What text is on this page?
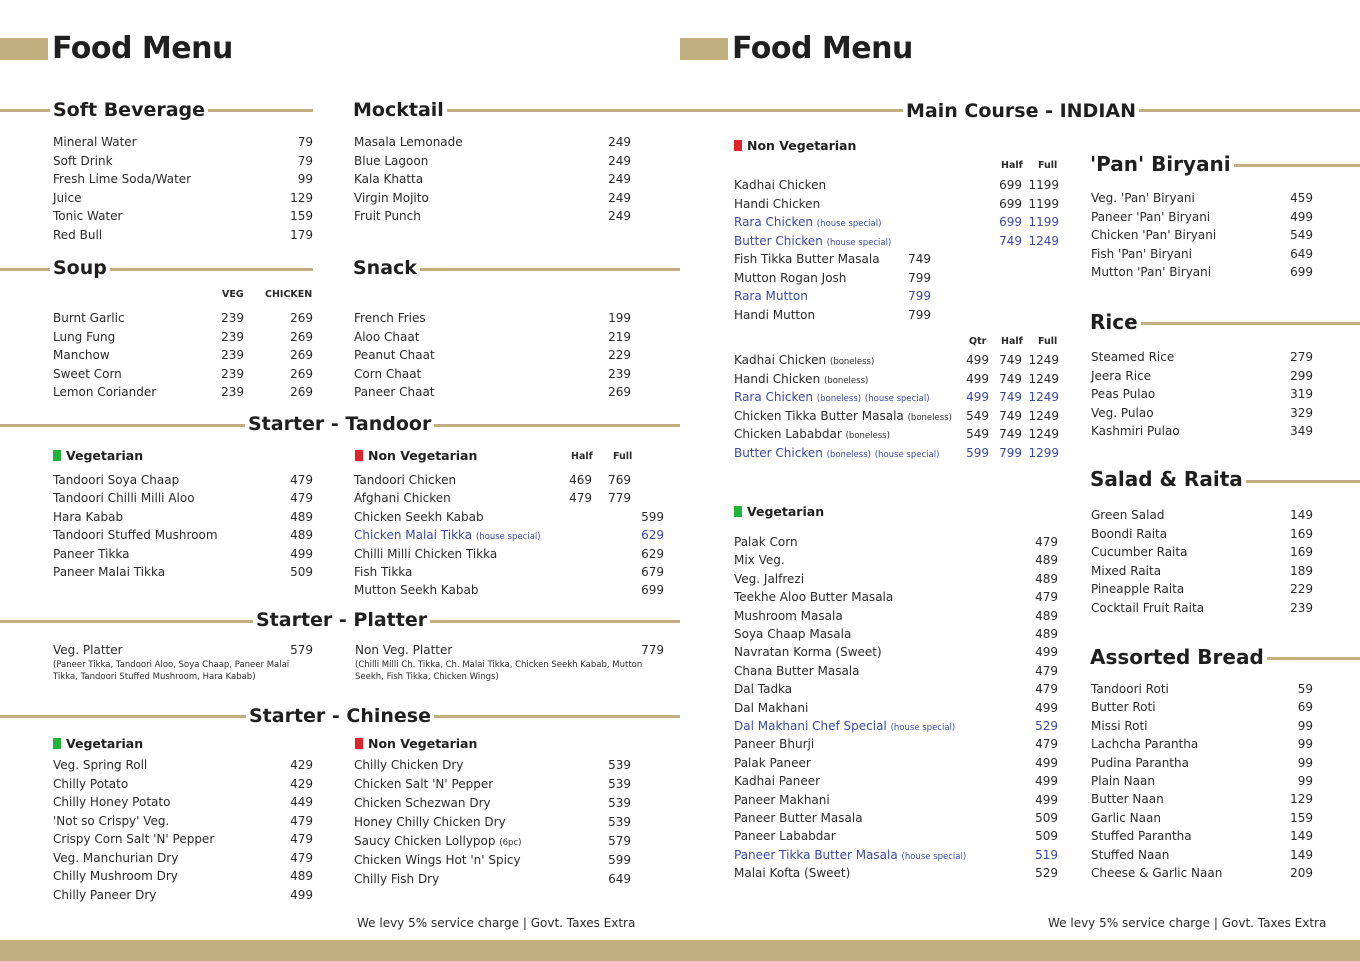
Food Menu	Food Menu
Soft Beverage	Mocktail	Main Course - INDIAN
Soup	Snack
Starter - Tandoor
Starter - Platter
Starter - Chinese
'Pan' Biryani
Rice
Salad & Raita
Assorted Bread
Mineral Water	79
Soft Drink	79
Fresh Lime Soda/Water	99
Juice	129
Tonic Water	159
Red Bull	179
Masala Lemonade	249
Blue Lagoon	249
Kala Khatta	249
Virgin Mojito	249
Fruit Punch	249
Burnt Garlic	239	269
Lung Fung	239	269
Manchow	239	269
Sweet Corn	239	269
Lemon Coriander	239	269
French Fries	199
Aloo Chaat	219
Peanut Chaat	229
Corn Chaat	239
Paneer Chaat	269
Tandoori Soya Chaap	479
Tandoori Chilli Milli Aloo	479
Hara Kabab	489
Tandoori Stuffed Mushroom	489
Paneer Tikka	499
Paneer Malai Tikka	509
Tandoori Chicken	469 769
Afghani Chicken	479 779
Chicken Seekh Kabab	599
Chicken Malai Tikka (house special)	629
Chilli Milli Chicken Tikka	629
Fish Tikka	679
Mutton Seekh Kabab	699
Veg. Spring Roll	429
Chilly Potato	429
Chilly Honey Potato	449
'Not so Crispy' Veg.	479
Crispy Corn Salt 'N' Pepper	479
Veg. Manchurian Dry	479
Chilly Mushroom Dry	489
Chilly Paneer Dry	499
Chilly Chicken Dry	539
Chicken Salt 'N' Pepper	539
Chicken Schezwan Dry	539
Honey Chilly Chicken Dry	539
Saucy Chicken Lollypop (6pc)	579
Chicken Wings Hot 'n' Spicy	599
Chilly Fish Dry	649
Kadhai Chicken	699 1199
Handi Chicken	699 1199
Rara Chicken (house special)	699 1199
Butter Chicken (house special)	749 1249
Fish Tikka Butter Masala 749
Mutton Rogan Josh	799
Rara Mutton	799
Handi Mutton	799
Kadhai Chicken (boneless)	499 749 1249
Handi Chicken (boneless)	499 749 1249
Rara Chicken (boneless) (house special)	499 749 1249
Chicken Tikka Butter Masala (boneless) 549 749 1249
Chicken Lababdar (boneless)	549 749 1249
Butter Chicken (boneless) (house special) 599 799 1299
Palak Corn	479
Mix Veg.	489
Veg. Jalfrezi	489
Teekhe Aloo Butter Masala	479
Mushroom Masala	489
Soya Chaap Masala	489
Navratan Korma (Sweet)	499
Chana Butter Masala	479
Dal Tadka	479
Dal Makhani	499
Dal Makhani Chef Special (house special)	529
Paneer Bhurji	479
Palak Paneer	499
Kadhai Paneer	499
Paneer Makhani	499
Paneer Butter Masala	509
Paneer Lababdar	509
Paneer Tikka Butter Masala (house special)	519
Malai Kofta (Sweet)	529
Veg. 'Pan' Biryani	459
Paneer 'Pan' Biryani	499
Chicken 'Pan' Biryani	549
Fish 'Pan' Biryani	649
Mutton 'Pan' Biryani	699
Steamed Rice	279
Jeera Rice	299
Peas Pulao	319
Veg. Pulao	329
Kashmiri Pulao	349
Green Salad	149
Boondi Raita	169
Cucumber Raita	169
Mixed Raita	189
Pineapple Raita	229
Cocktail Fruit Raita	239
Tandoori Roti	59
Butter Roti	69
Missi Roti	99
Lachcha Parantha	99
Pudina Parantha	99
Plain Naan	99
Butter Naan	129
Garlic Naan	159
Stuffed Parantha	149
Stuffed Naan	149
Cheese & Garlic Naan	209
VEG CHICKEN
Vegetarian	Non Vegetarian	Half Full
Vegetarian	Non Vegetarian
Veg. Platter	579
(Paneer Tikka, Tandoori Aloo, Soya Chaap, Paneer Malai Tikka, Tandoori Stuffed Mushroom, Hara Kabab)
Non Veg. Platter	779
(Chilli Milli Ch. Tikka, Ch. Malai Tikka, Chicken Seekh Kabab, Mutton Seekh, Fish Tikka, Chicken Wings)
Non Vegetarian
Half Full
Qtr Half Full
Vegetarian
We levy 5% service charge | Govt. Taxes Extra	We levy 5% service charge | Govt. Taxes Extra
